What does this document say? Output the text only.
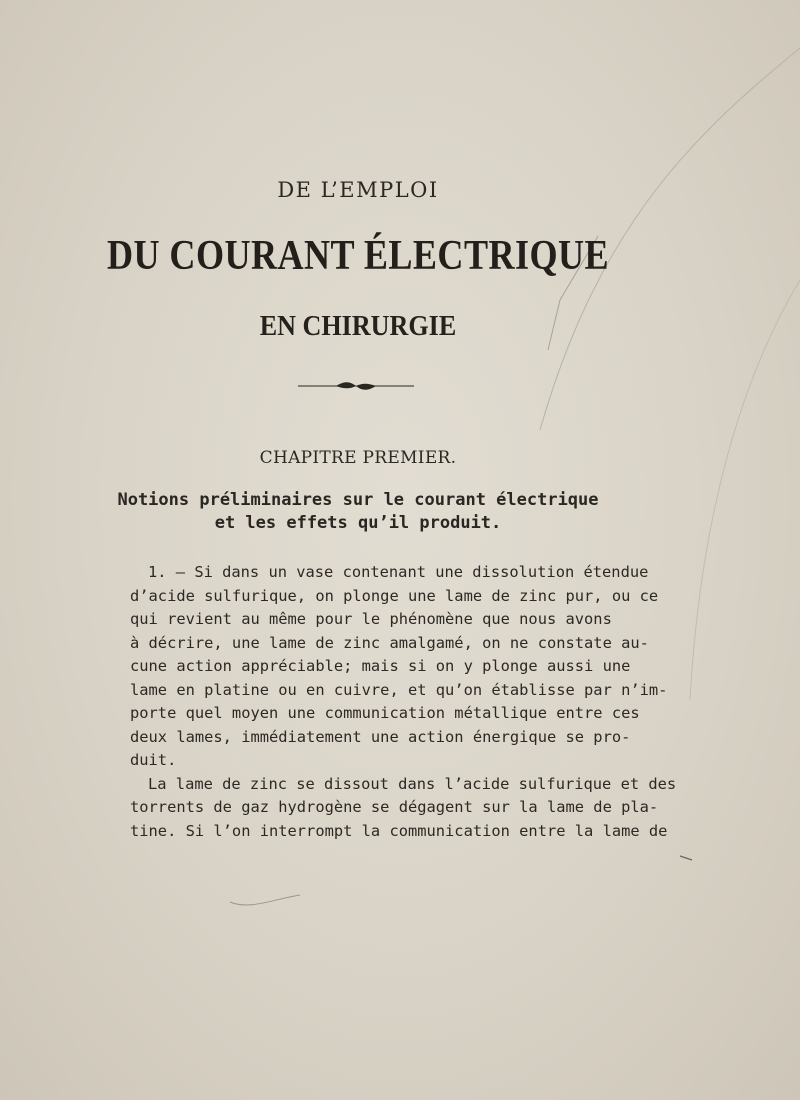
DE L’EMPLOI
DU COURANT ÉLECTRIQUE
EN CHIRURGIE
CHAPITRE PREMIER.
Notions préliminaires sur le courant électrique
et les effets qu’il produit.
1. — Si dans un vase contenant une dissolution étendue
d’acide sulfurique, on plonge une lame de zinc pur, ou ce
qui revient au même pour le phénomène que nous avons
à décrire, une lame de zinc amalgamé, on ne constate au-
cune action appréciable; mais si on y plonge aussi une
lame en platine ou en cuivre, et qu’on établisse par n’im-
porte quel moyen une communication métallique entre ces
deux lames, immédiatement une action énergique se pro-
duit.
La lame de zinc se dissout dans l’acide sulfurique et des
torrents de gaz hydrogène se dégagent sur la lame de pla-
tine. Si l’on interrompt la communication entre la lame de
